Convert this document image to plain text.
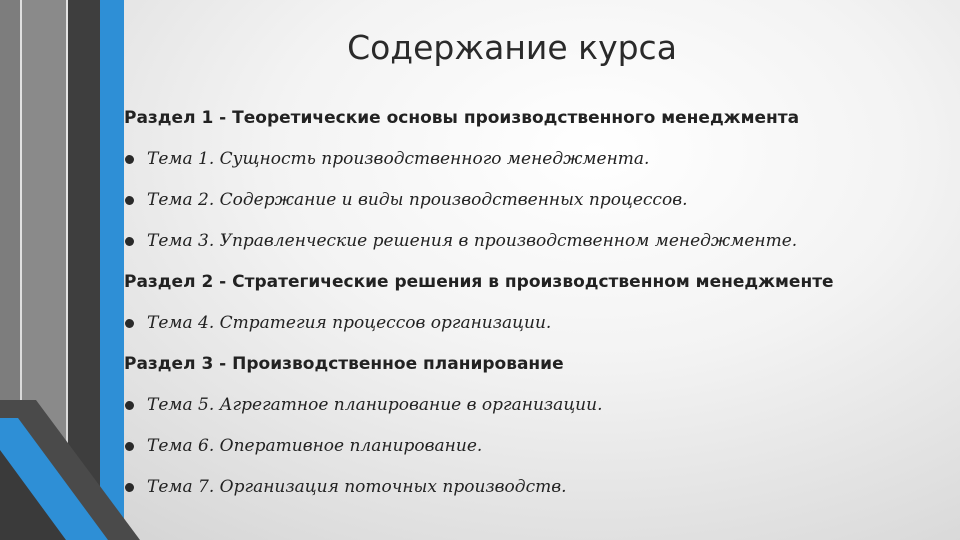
Содержание курса
Раздел 1 - Теоретические основы производственного менеджмента
Тема 1. Сущность производственного менеджмента.
Тема 2. Содержание и виды производственных процессов.
Тема 3. Управленческие решения в производственном менеджменте.
Раздел 2 - Стратегические решения в производственном менеджменте
Тема 4. Стратегия процессов организации.
Раздел 3 - Производственное планирование
Тема 5. Агрегатное планирование в организации.
Тема 6. Оперативное планирование.
Тема 7. Организация поточных производств.
